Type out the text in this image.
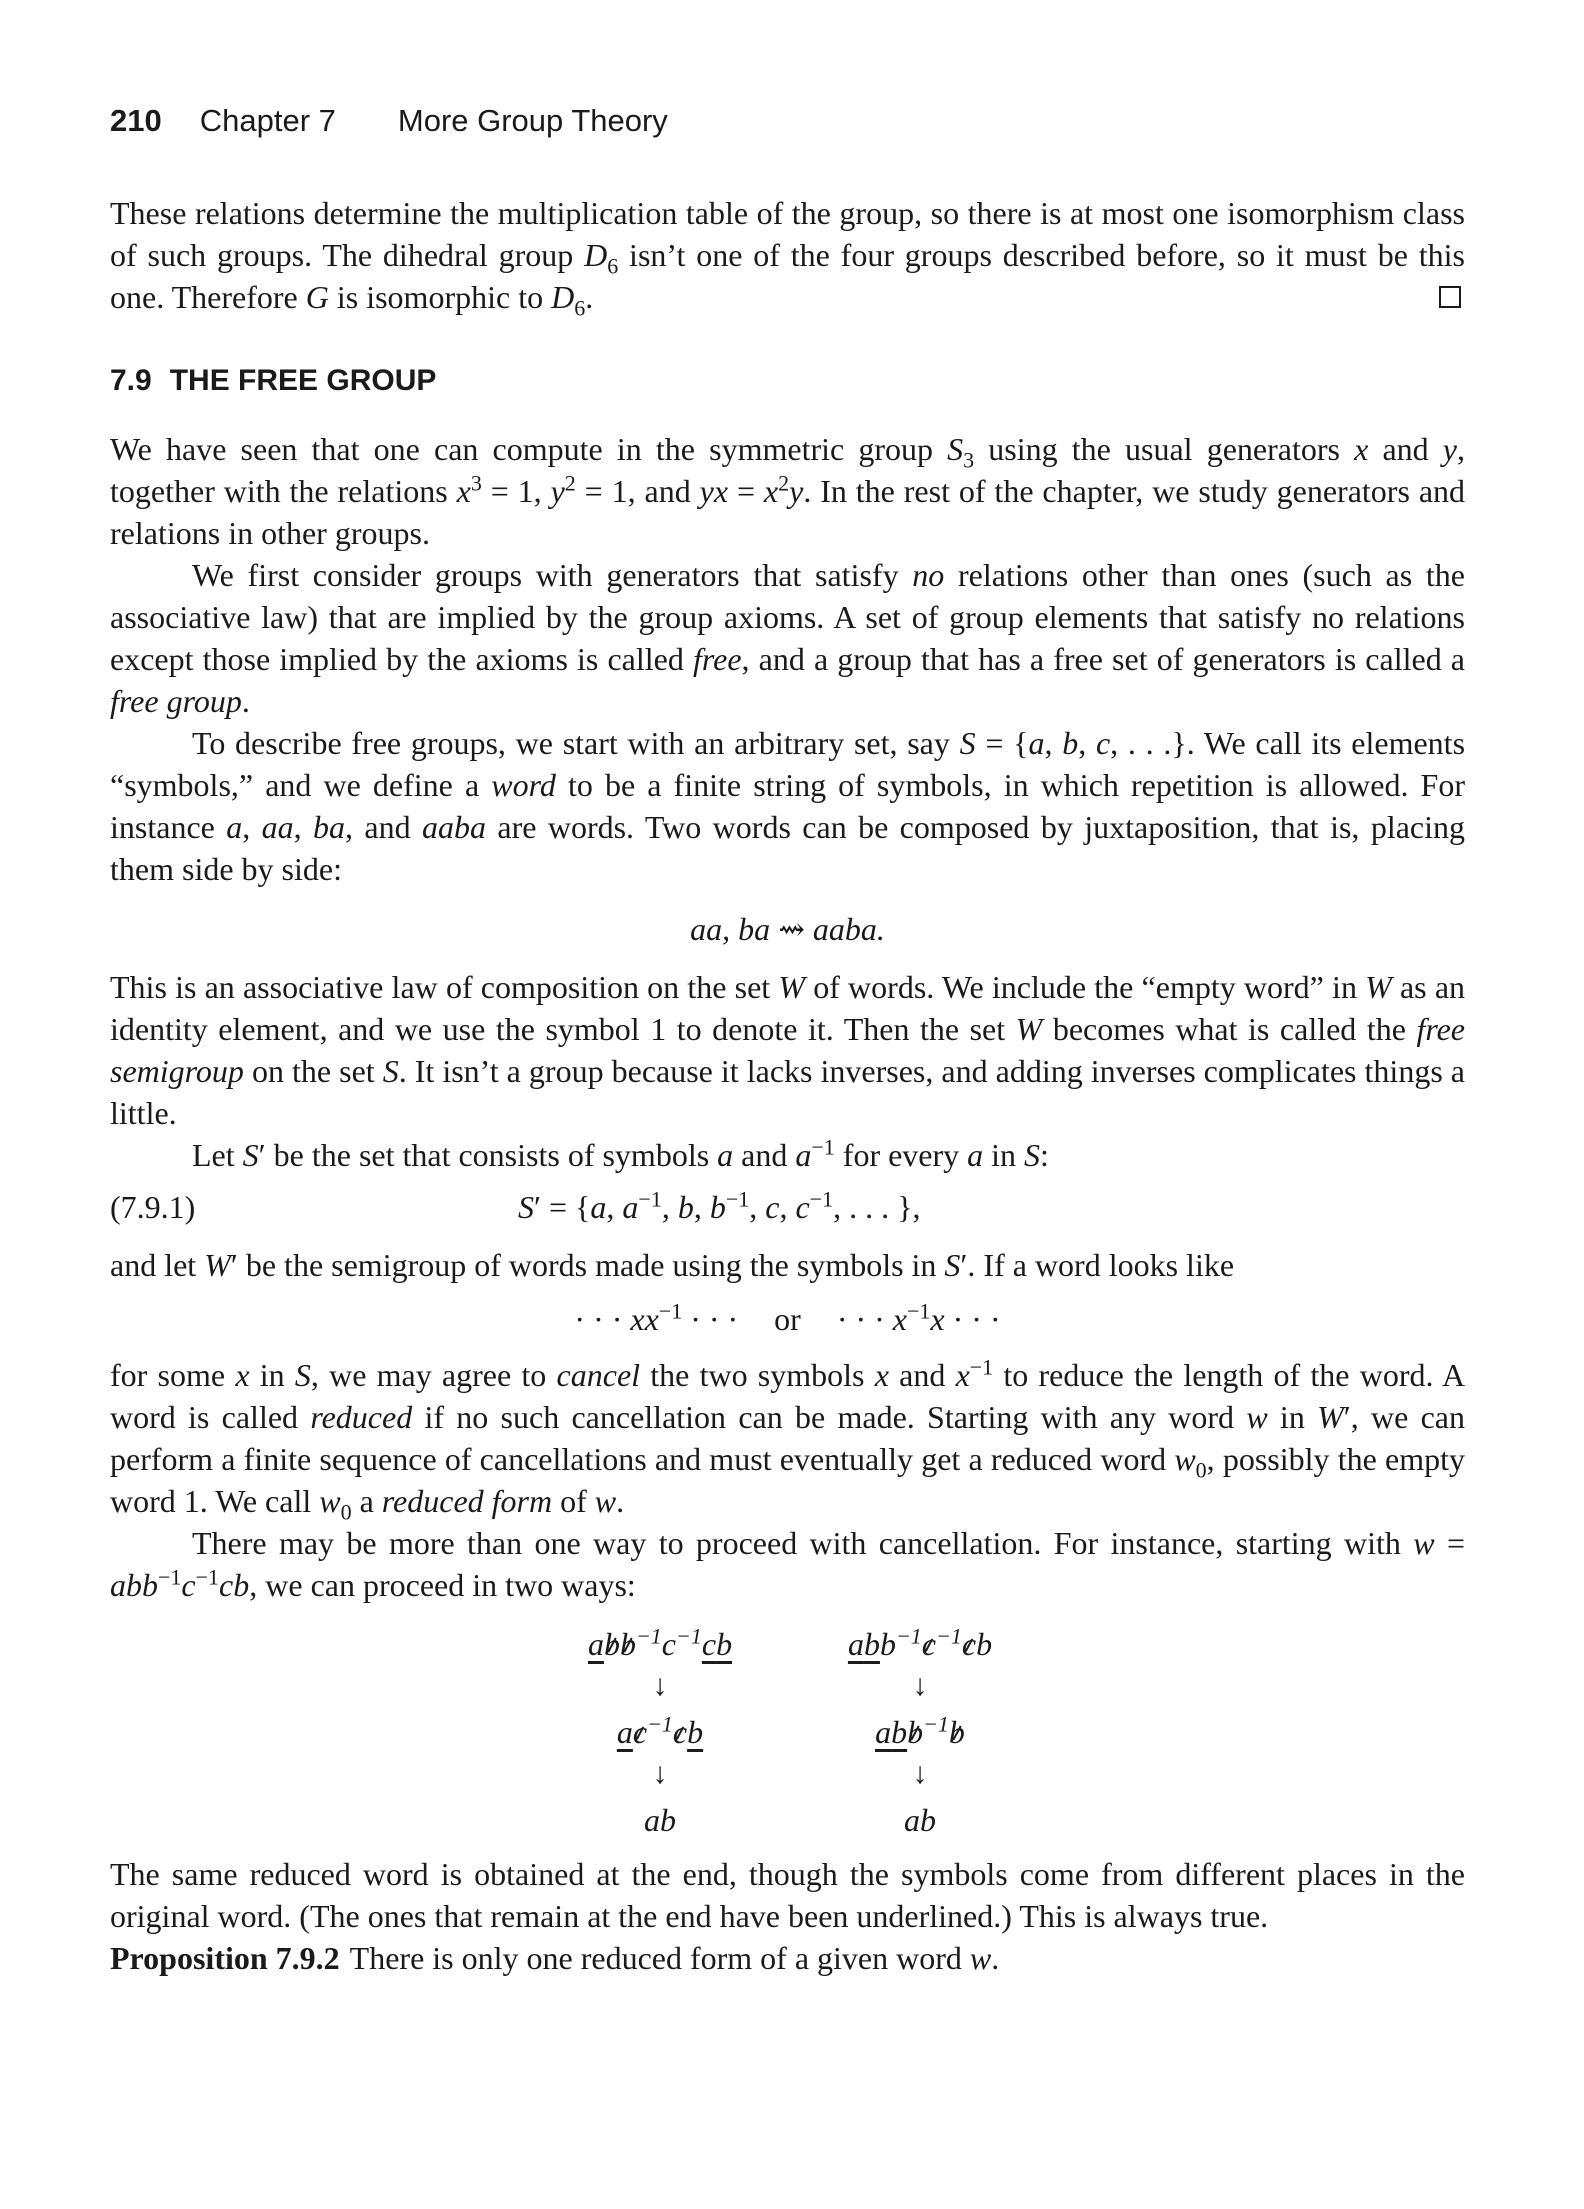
210 Chapter 7 More Group Theory

These relations determine the multiplication table of the group, so there is at most one isomorphism class of such groups. The dihedral group $D_6$ isn’t one of the four groups described before, so it must be this one. Therefore G is isomorphic to $D_6$.

7.9 THE FREE GROUP

We have seen that one can compute in the symmetric group $S_3$ using the usual generators x and y, together with the relations $x^3 = 1$, $y^2 = 1$, and yx = $x^2y$. In the rest of the chapter, we study generators and relations in other groups.

We first consider groups with generators that satisfy no relations other than ones (such as the associative law) that are implied by the group axioms. A set of group elements that satisfy no relations except those implied by the axioms is called free, and a group that has a free set of generators is called a free group.

To describe free groups, we start with an arbitrary set, say S = {a, b, c, . . .}. We call its elements “symbols,” and we define a word to be a finite string of symbols, in which repetition is allowed. For instance a, aa, ba, and aaba are words. Two words can be composed by juxtaposition, that is, placing them side by side:

aa, ba ⇝ aaba.

This is an associative law of composition on the set W of words. We include the “empty word” in W as an identity element, and we use the symbol 1 to denote it. Then the set W becomes what is called the free semigroup on the set S. It isn’t a group because it lacks inverses, and adding inverses complicates things a little.

Let S′ be the set that consists of symbols a and $a^{-1}$ for every a in S:

(7.9.1)	S′ = {a, $a^{-1}$, b, $b^{-1}$, c, $c^{-1}$, . . . },

and let W′ be the semigroup of words made using the symbols in S′. If a word looks like

· · · $xx^{-1}$ · · · or · · · $x^{-1}x$ · · ·

for some x in S, we may agree to cancel the two symbols x and $x^{-1}$ to reduce the length of the word. A word is called reduced if no such cancellation can be made. Starting with any word w in W′, we can perform a finite sequence of cancellations and must eventually get a reduced word $w_0$, possibly the empty word 1. We call $w_0$ a reduced form of w.

There may be more than one way to proceed with cancellation. For instance, starting with $w = abb^{-1}c^{-1}cb$, we can proceed in two ways:

$abb^{-1}c^{-1}cb$
↓
$ac^{-1}cb$
↓
ab
$abb^{-1}c^{-1}cb$
↓
abb$^{-1}$b
↓
ab

The same reduced word is obtained at the end, though the symbols come from different places in the original word. (The ones that remain at the end have been underlined.) This is always true.

Proposition 7.9.2 There is only one reduced form of a given word w.
